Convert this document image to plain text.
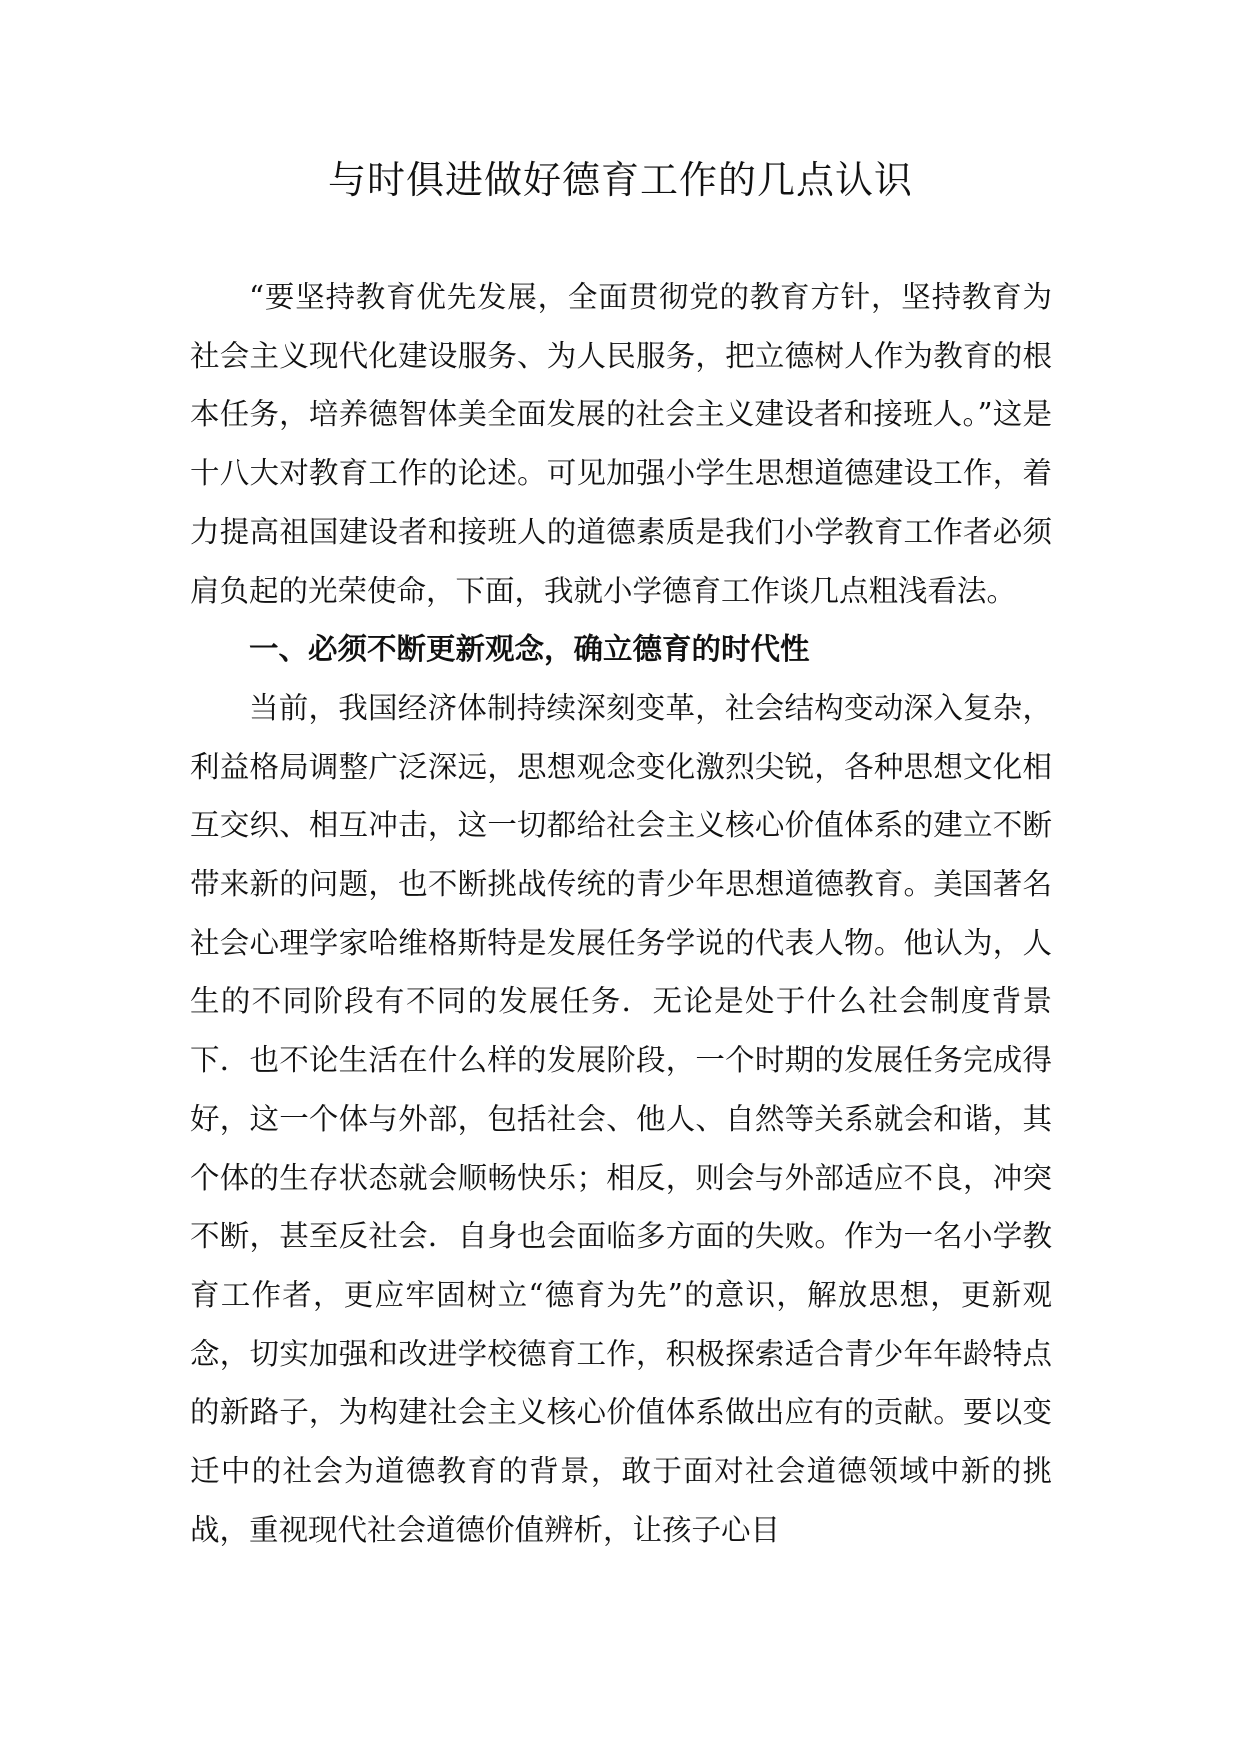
与时俱进做好德育工作的几点认识

“要坚持教育优先发展，全面贯彻党的教育方针，坚持教育为社会主义现代化建设服务、为人民服务，把立德树人作为教育的根本任务，培养德智体美全面发展的社会主义建设者和接班人。”这是十八大对教育工作的论述。可见加强小学生思想道德建设工作，着力提高祖国建设者和接班人的道德素质是我们小学教育工作者必须肩负起的光荣使命，下面，我就小学德育工作谈几点粗浅看法。

一、必须不断更新观念，确立德育的时代性

当前，我国经济体制持续深刻变革，社会结构变动深入复杂，利益格局调整广泛深远，思想观念变化激烈尖锐，各种思想文化相互交织、相互冲击，这一切都给社会主义核心价值体系的建立不断带来新的问题，也不断挑战传统的青少年思想道德教育。美国著名社会心理学家哈维格斯特是发展任务学说的代表人物。他认为，人生的不同阶段有不同的发展任务．无论是处于什么社会制度背景下．也不论生活在什么样的发展阶段，一个时期的发展任务完成得好，这一个体与外部，包括社会、他人、自然等关系就会和谐，其个体的生存状态就会顺畅快乐；相反，则会与外部适应不良，冲突不断，甚至反社会．自身也会面临多方面的失败。作为一名小学教育工作者，更应牢固树立“德育为先”的意识，解放思想，更新观念，切实加强和改进学校德育工作，积极探索适合青少年年龄特点的新路子，为构建社会主义核心价值体系做出应有的贡献。要以变迁中的社会为道德教育的背景，敢于面对社会道德领域中新的挑战，重视现代社会道德价值辨析，让孩子心目
